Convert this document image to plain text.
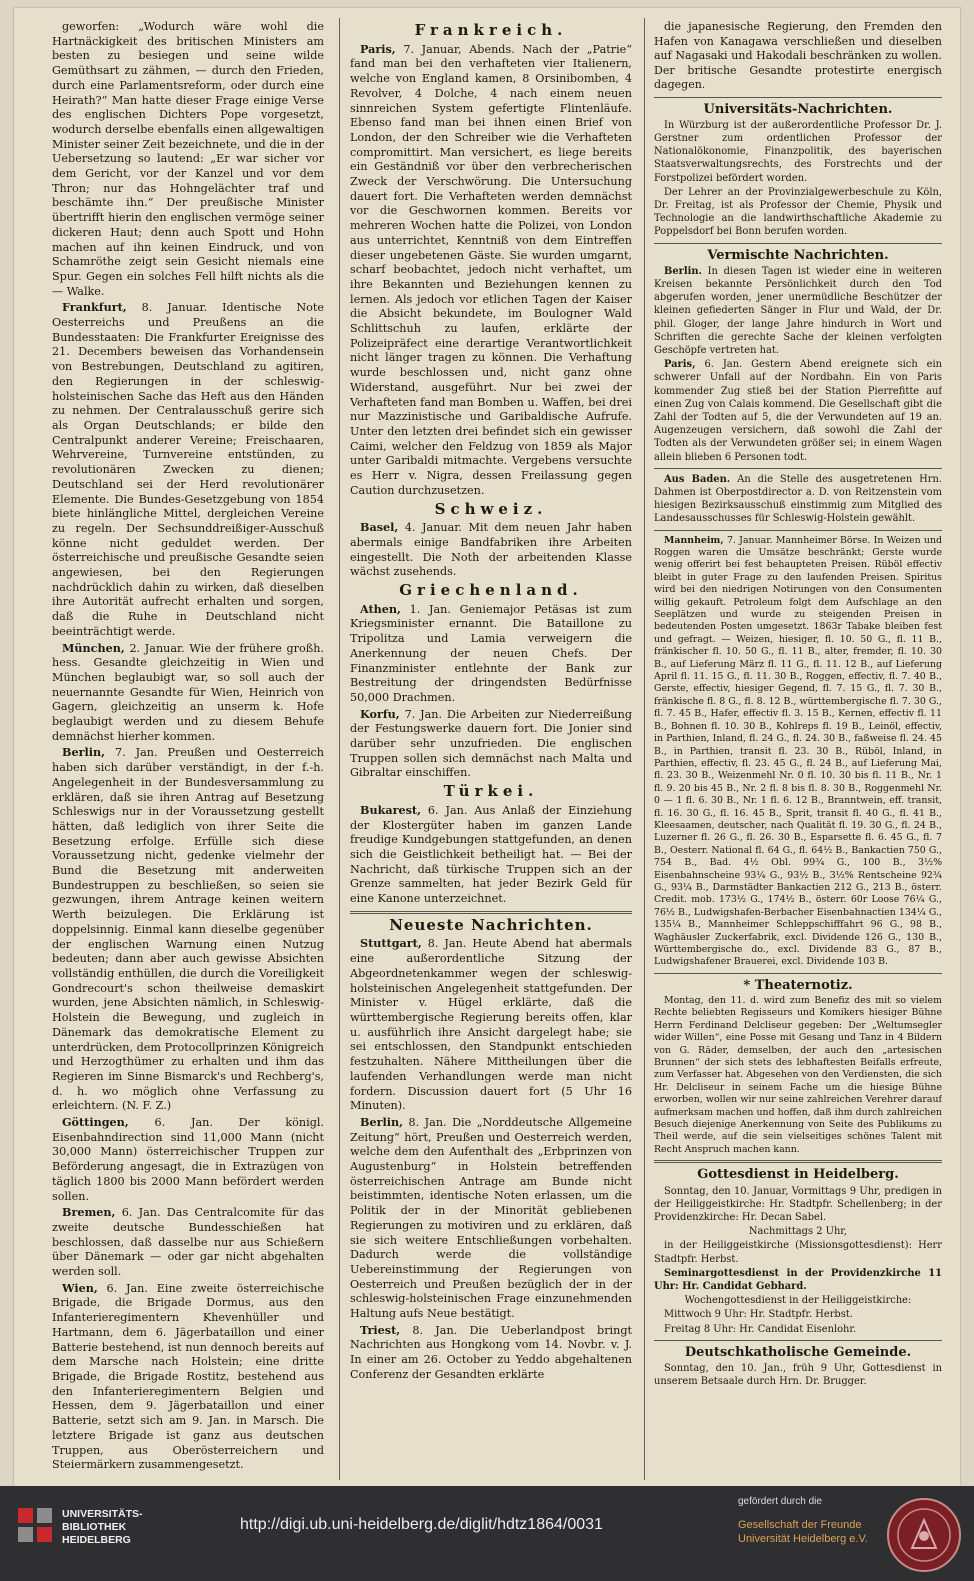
geworfen: „Wodurch wäre wohl die Hartnäckigkeit des britischen Ministers am besten zu besiegen und seine wilde Gemüthsart zu zähmen, — durch den Frieden, durch eine Parlamentsreform, oder durch eine Heirath?“ Man hatte dieser Frage einige Verse des englischen Dichters Pope vorgesetzt, wodurch derselbe ebenfalls einen allgewaltigen Minister seiner Zeit bezeichnete, und die in der Uebersetzung so lautend: „Er war sicher vor dem Gericht, vor der Kanzel und vor dem Thron; nur das Hohngelächter traf und beschämte ihn.“ Der preußische Minister übertrifft hierin den englischen vermöge seiner dickeren Haut; denn auch Spott und Hohn machen auf ihn keinen Eindruck, und von Schamröthe zeigt sein Gesicht niemals eine Spur. Gegen ein solches Fell hilft nichts als die — Walke.

Frankfurt, 8. Januar. Identische Note Oesterreichs und Preußens an die Bundesstaaten: Die Frankfurter Ereignisse des 21. Decembers beweisen das Vorhandensein von Bestrebungen, Deutschland zu agitiren, den Regierungen in der schleswig-holsteinischen Sache das Heft aus den Händen zu nehmen. Der Centralausschuß gerire sich als Organ Deutschlands; er bilde den Centralpunkt anderer Vereine; Freischaaren, Wehrvereine, Turnvereine entstünden, zu revolutionären Zwecken zu dienen; Deutschland sei der Herd revolutionärer Elemente. Die Bundes-Gesetzgebung von 1854 biete hinlängliche Mittel, dergleichen Vereine zu regeln. Der Sechsunddreißiger-Ausschuß könne nicht geduldet werden. Der österreichische und preußische Gesandte seien angewiesen, bei den Regierungen nachdrücklich dahin zu wirken, daß dieselben ihre Autorität aufrecht erhalten und sorgen, daß die Ruhe in Deutschland nicht beeinträchtigt werde.

München, 2. Januar. Wie der frühere großh. hess. Gesandte gleichzeitig in Wien und München beglaubigt war, so soll auch der neuernannte Gesandte für Wien, Heinrich von Gagern, gleichzeitig an unserm k. Hofe beglaubigt werden und zu diesem Behufe demnächst hierher kommen.

Berlin, 7. Jan. Preußen und Oesterreich haben sich darüber verständigt, in der f.-h. Angelegenheit in der Bundesversammlung zu erklären, daß sie ihren Antrag auf Besetzung Schleswigs nur in der Voraussetzung gestellt hätten, daß lediglich von ihrer Seite die Besetzung erfolge. Erfülle sich diese Voraussetzung nicht, gedenke vielmehr der Bund die Besetzung mit anderweiten Bundestruppen zu beschließen, so seien sie gezwungen, ihrem Antrage keinen weitern Werth beizulegen. Die Erklärung ist doppelsinnig. Einmal kann dieselbe gegenüber der englischen Warnung einen Nutzug bedeuten; dann aber auch gewisse Absichten vollständig enthüllen, die durch die Voreiligkeit Gondrecourt's schon theilweise demaskirt wurden, jene Absichten nämlich, in Schleswig-Holstein die Bewegung, und zugleich in Dänemark das demokratische Element zu unterdrücken, dem Protocollprinzen Königreich und Herzogthümer zu erhalten und ihm das Regieren im Sinne Bismarck's und Rechberg's, d. h. wo möglich ohne Verfassung zu erleichtern. (N. F. Z.)

Göttingen, 6. Jan. Der königl. Eisenbahndirection sind 11,000 Mann (nicht 30,000 Mann) österreichischer Truppen zur Beförderung angesagt, die in Extrazügen von täglich 1800 bis 2000 Mann befördert werden sollen.

Bremen, 6. Jan. Das Centralcomite für das zweite deutsche Bundesschießen hat beschlossen, daß dasselbe nur aus Schießern über Dänemark — oder gar nicht abgehalten werden soll.

Wien, 6. Jan. Eine zweite österreichische Brigade, die Brigade Dormus, aus den Infanterieregimentern Khevenhüller und Hartmann, dem 6. Jägerbataillon und einer Batterie bestehend, ist nun dennoch bereits auf dem Marsche nach Holstein; eine dritte Brigade, die Brigade Rostitz, bestehend aus den Infanterieregimentern Belgien und Hessen, dem 9. Jägerbataillon und einer Batterie, setzt sich am 9. Jan. in Marsch. Die letztere Brigade ist ganz aus deutschen Truppen, aus Oberösterreichern und Steiermärkern zusammengesetzt.

Frankreich.

Paris, 7. Januar, Abends. Nach der „Patrie“ fand man bei den verhafteten vier Italienern, welche von England kamen, 8 Orsinibomben, 4 Revolver, 4 Dolche, 4 nach einem neuen sinnreichen System gefertigte Flintenläufe. Ebenso fand man bei ihnen einen Brief von London, der den Schreiber wie die Verhafteten compromittirt. Man versichert, es liege bereits ein Geständniß vor über den verbrecherischen Zweck der Verschwörung. Die Untersuchung dauert fort. Die Verhafteten werden demnächst vor die Geschwornen kommen. Bereits vor mehreren Wochen hatte die Polizei, von London aus unterrichtet, Kenntniß von dem Eintreffen dieser ungebetenen Gäste. Sie wurden umgarnt, scharf beobachtet, jedoch nicht verhaftet, um ihre Bekannten und Beziehungen kennen zu lernen. Als jedoch vor etlichen Tagen der Kaiser die Absicht bekundete, im Boulogner Wald Schlittschuh zu laufen, erklärte der Polizeipräfect eine derartige Verantwortlichkeit nicht länger tragen zu können. Die Verhaftung wurde beschlossen und, nicht ganz ohne Widerstand, ausgeführt. Nur bei zwei der Verhafteten fand man Bomben u. Waffen, bei drei nur Mazzinistische und Garibaldische Aufrufe. Unter den letzten drei befindet sich ein gewisser Caimi, welcher den Feldzug von 1859 als Major unter Garibaldi mitmachte. Vergebens versuchte es Herr v. Nigra, dessen Freilassung gegen Caution durchzusetzen.

Schweiz.

Basel, 4. Januar. Mit dem neuen Jahr haben abermals einige Bandfabriken ihre Arbeiten eingestellt. Die Noth der arbeitenden Klasse wächst zusehends.

Griechenland.

Athen, 1. Jan. Geniemajor Petäsas ist zum Kriegsminister ernannt. Die Bataillone zu Tripolitza und Lamia verweigern die Anerkennung der neuen Chefs. Der Finanzminister entlehnte der Bank zur Bestreitung der dringendsten Bedürfnisse 50,000 Drachmen.

Korfu, 7. Jan. Die Arbeiten zur Niederreißung der Festungswerke dauern fort. Die Jonier sind darüber sehr unzufrieden. Die englischen Truppen sollen sich demnächst nach Malta und Gibraltar einschiffen.

Türkei.

Bukarest, 6. Jan. Aus Anlaß der Einziehung der Klostergüter haben im ganzen Lande freudige Kundgebungen stattgefunden, an denen sich die Geistlichkeit betheiligt hat. — Bei der Nachricht, daß türkische Truppen sich an der Grenze sammelten, hat jeder Bezirk Geld für eine Kanone unterzeichnet.

Neueste Nachrichten.

Stuttgart, 8. Jan. Heute Abend hat abermals eine außerordentliche Sitzung der Abgeordnetenkammer wegen der schleswig-holsteinischen Angelegenheit stattgefunden. Der Minister v. Hügel erklärte, daß die württembergische Regierung bereits offen, klar u. ausführlich ihre Ansicht dargelegt habe; sie sei entschlossen, den Standpunkt entschieden festzuhalten. Nähere Mittheilungen über die laufenden Verhandlungen werde man nicht fordern. Discussion dauert fort (5 Uhr 16 Minuten).

Berlin, 8. Jan. Die „Norddeutsche Allgemeine Zeitung“ hört, Preußen und Oesterreich werden, welche dem den Aufenthalt des „Erbprinzen von Augustenburg“ in Holstein betreffenden österreichischen Antrage am Bunde nicht beistimmten, identische Noten erlassen, um die Politik der in der Minorität gebliebenen Regierungen zu motiviren und zu erklären, daß sie sich weitere Entschließungen vorbehalten. Dadurch werde die vollständige Uebereinstimmung der Regierungen von Oesterreich und Preußen bezüglich der in der schleswig-holsteinischen Frage einzunehmenden Haltung aufs Neue bestätigt.

Triest, 8. Jan. Die Ueberlandpost bringt Nachrichten aus Hongkong vom 14. Novbr. v. J. In einer am 26. October zu Yeddo abgehaltenen Conferenz der Gesandten erklärte

die japanesische Regierung, den Fremden den Hafen von Kanagawa verschließen und dieselben auf Nagasaki und Hakodali beschränken zu wollen. Der britische Gesandte protestirte energisch dagegen.

Universitäts-Nachrichten.

In Würzburg ist der außerordentliche Professor Dr. J. Gerstner zum ordentlichen Professor der Nationalökonomie, Finanzpolitik, des bayerischen Staatsverwaltungsrechts, des Forstrechts und der Forstpolizei befördert worden.

Der Lehrer an der Provinzialgewerbeschule zu Köln, Dr. Freitag, ist als Professor der Chemie, Physik und Technologie an die landwirthschaftliche Akademie zu Poppelsdorf bei Bonn berufen worden.

Vermischte Nachrichten.

Berlin. In diesen Tagen ist wieder eine in weiteren Kreisen bekannte Persönlichkeit durch den Tod abgerufen worden, jener unermüdliche Beschützer der kleinen gefiederten Sänger in Flur und Wald, der Dr. phil. Gloger, der lange Jahre hindurch in Wort und Schriften die gerechte Sache der kleinen verfolgten Geschöpfe vertreten hat.

Paris, 6. Jan. Gestern Abend ereignete sich ein schwerer Unfall auf der Nordbahn. Ein von Paris kommender Zug stieß bei der Station Pierrefitte auf einen Zug von Calais kommend. Die Gesellschaft gibt die Zahl der Todten auf 5, die der Verwundeten auf 19 an. Augenzeugen versichern, daß sowohl die Zahl der Todten als der Verwundeten größer sei; in einem Wagen allein blieben 6 Personen todt.

Aus Baden. An die Stelle des ausgetretenen Hrn. Dahmen ist Oberpostdirector a. D. von Reitzenstein vom hiesigen Bezirksausschuß einstimmig zum Mitglied des Landesausschusses für Schleswig-Holstein gewählt.

Mannheim, 7. Januar. Mannheimer Börse. In Weizen und Roggen waren die Umsätze beschränkt; Gerste wurde wenig offerirt bei fest behaupteten Preisen. Rüböl effectiv bleibt in guter Frage zu den laufenden Preisen. Spiritus wird bei den niedrigen Notirungen von den Consumenten willig gekauft. Petroleum folgt dem Aufschlage an den Seeplätzen und wurde zu steigenden Preisen in bedeutenden Posten umgesetzt. 1863r Tabake bleiben fest und gefragt. — Weizen, hiesiger, fl. 10. 50 G., fl. 11 B., fränkischer fl. 10. 50 G., fl. 11 B., alter, fremder, fl. 10. 30 B., auf Lieferung März fl. 11 G., fl. 11. 12 B., auf Lieferung April fl. 11. 15 G., fl. 11. 30 B., Roggen, effectiv, fl. 7. 40 B., Gerste, effectiv, hiesiger Gegend, fl. 7. 15 G., fl. 7. 30 B., fränkische fl. 8 G., fl. 8. 12 B., württembergische fl. 7. 30 G., fl. 7. 45 B., Hafer, effectiv fl. 3. 15 B., Kernen, effectiv fl. 11 B., Bohnen fl. 10. 30 B., Kohlreps fl. 19 B., Leinöl, effectiv, in Parthien, Inland, fl. 24 G., fl. 24. 30 B., faßweise fl. 24. 45 B., in Parthien, transit fl. 23. 30 B., Rüböl, Inland, in Parthien, effectiv, fl. 23. 45 G., fl. 24 B., auf Lieferung Mai, fl. 23. 30 B., Weizenmehl Nr. 0 fl. 10. 30 bis fl. 11 B., Nr. 1 fl. 9. 20 bis 45 B., Nr. 2 fl. 8 bis fl. 8. 30 B., Roggenmehl Nr. 0 — 1 fl. 6. 30 B., Nr. 1 fl. 6. 12 B., Branntwein, eff. transit, fl. 16. 30 G., fl. 16. 45 B., Sprit, transit fl. 40 G., fl. 41 B., Kleesaamen, deutscher, nach Qualität fl. 19. 30 G., fl. 24 B., Luzerner fl. 26 G., fl. 26. 30 B., Esparsette fl. 6. 45 G., fl. 7 B., Oesterr. National fl. 64 G., fl. 64½ B., Bankactien 750 G., 754 B., Bad. 4½ Obl. 99¾ G., 100 B., 3½% Eisenbahnscheine 93¼ G., 93½ B., 3½% Rentscheine 92¾ G., 93¼ B., Darmstädter Bankactien 212 G., 213 B., österr. Credit. mob. 173½ G., 174½ B., österr. 60r Loose 76¼ G., 76½ B., Ludwigshafen-Berbacher Eisenbahnactien 134¼ G., 135¼ B., Mannheimer Schleppschifffahrt 96 G., 98 B., Waghäusler Zuckerfabrik, excl. Dividende 126 G., 130 B., Württembergische do., excl. Dividende 83 G., 87 B., Ludwigshafener Brauerei, excl. Dividende 103 B.

* Theaternotiz.

Montag, den 11. d. wird zum Benefiz des mit so vielem Rechte beliebten Regisseurs und Komikers hiesiger Bühne Herrn Ferdinand Delcliseur gegeben: Der „Weltumsegler wider Willen“, eine Posse mit Gesang und Tanz in 4 Bildern von G. Räder, demselben, der auch den „artesischen Brunnen“ der sich stets des lebhaftesten Beifalls erfreute, zum Verfasser hat. Abgesehen von den Verdiensten, die sich Hr. Delcliseur in seinem Fache um die hiesige Bühne erworben, wollen wir nur seine zahlreichen Verehrer darauf aufmerksam machen und hoffen, daß ihm durch zahlreichen Besuch diejenige Anerkennung von Seite des Publikums zu Theil werde, auf die sein vielseitiges schönes Talent mit Recht Anspruch machen kann.

Gottesdienst in Heidelberg.

Sonntag, den 10. Januar, Vormittags 9 Uhr, predigen in der Heiliggeistkirche: Hr. Stadtpfr. Schellenberg; in der Providenzkirche: Hr. Decan Sabel.

Nachmittags 2 Uhr,

in der Heiliggeistkirche (Missionsgottesdienst): Herr Stadtpfr. Herbst.

Seminargottesdienst in der Providenzkirche 11 Uhr: Hr. Candidat Gebhard.

Wochengottesdienst in der Heiliggeistkirche:

Mittwoch 9 Uhr: Hr. Stadtpfr. Herbst.

Freitag 8 Uhr: Hr. Candidat Eisenlohr.

Deutschkatholische Gemeinde.

Sonntag, den 10. Jan., früh 9 Uhr, Gottesdienst in unserem Betsaale durch Hrn. Dr. Brugger.

UNIVERSITÄTS-
BIBLIOTHEK
HEIDELBERG
http://digi.ub.uni-heidelberg.de/diglit/hdtz1864/0031
gefördert durch die
Gesellschaft der Freunde Universität Heidelberg e.V.
